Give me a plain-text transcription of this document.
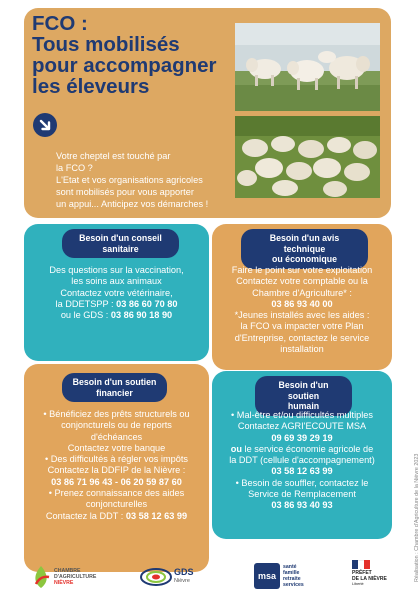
FCO :
Tous mobilisés
pour accompagner
les éleveurs

Votre cheptel est touché par

la FCO ?

L'Etat et vos organisations agricoles

sont mobilisés pour vous apporter

un appui... Anticipez vos démarches !

Besoin d'un conseil
sanitaire
Des questions sur la vaccination,
les soins aux animaux
Contactez votre vétérinaire,
la DDETSPP : 03 86 60 70 80
ou le GDS : 03 86 90 18 90
Besoin d'un avis technique
ou économique
Faire le point sur votre exploitation
Contactez votre comptable ou la
Chambre d'Agriculture* :
03 86 93 40 00
*Jeunes installés avec les aides :
la FCO va impacter votre Plan
d'Entreprise, contactez le service
installation
Besoin d'un soutien
financier
• Bénéficiez des prêts structurels ou
conjoncturels ou de reports
d'échéances
Contactez votre banque
• Des difficultés à régler vos impôts
Contactez la DDFIP de la Nièvre :
03 86 71 96 43 - 06 20 59 87 60
• Prenez connaissance des aides
conjoncturelles
Contactez la DDT : 03 58 12 63 99
Besoin d'un soutien
humain
• Mal-être et/ou difficultés multiples
Contactez AGRI'ECOUTE MSA
09 69 39 29 19
ou le service économie agricole de
la DDT (cellule d'accompagnement)
03 58 12 63 99
• Besoin de souffler, contactez le
Service de Remplacement
03 86 93 40 93	Réalisation : Chambre d'Agriculture de la Nièvre 2023
CHAMBRE
D'AGRICULTURE
NIÈVRE
GDS
Nièvre	msa
santé
famille
retraite
services
PRÉFET
DE LA NIÈVRE
Liberté
